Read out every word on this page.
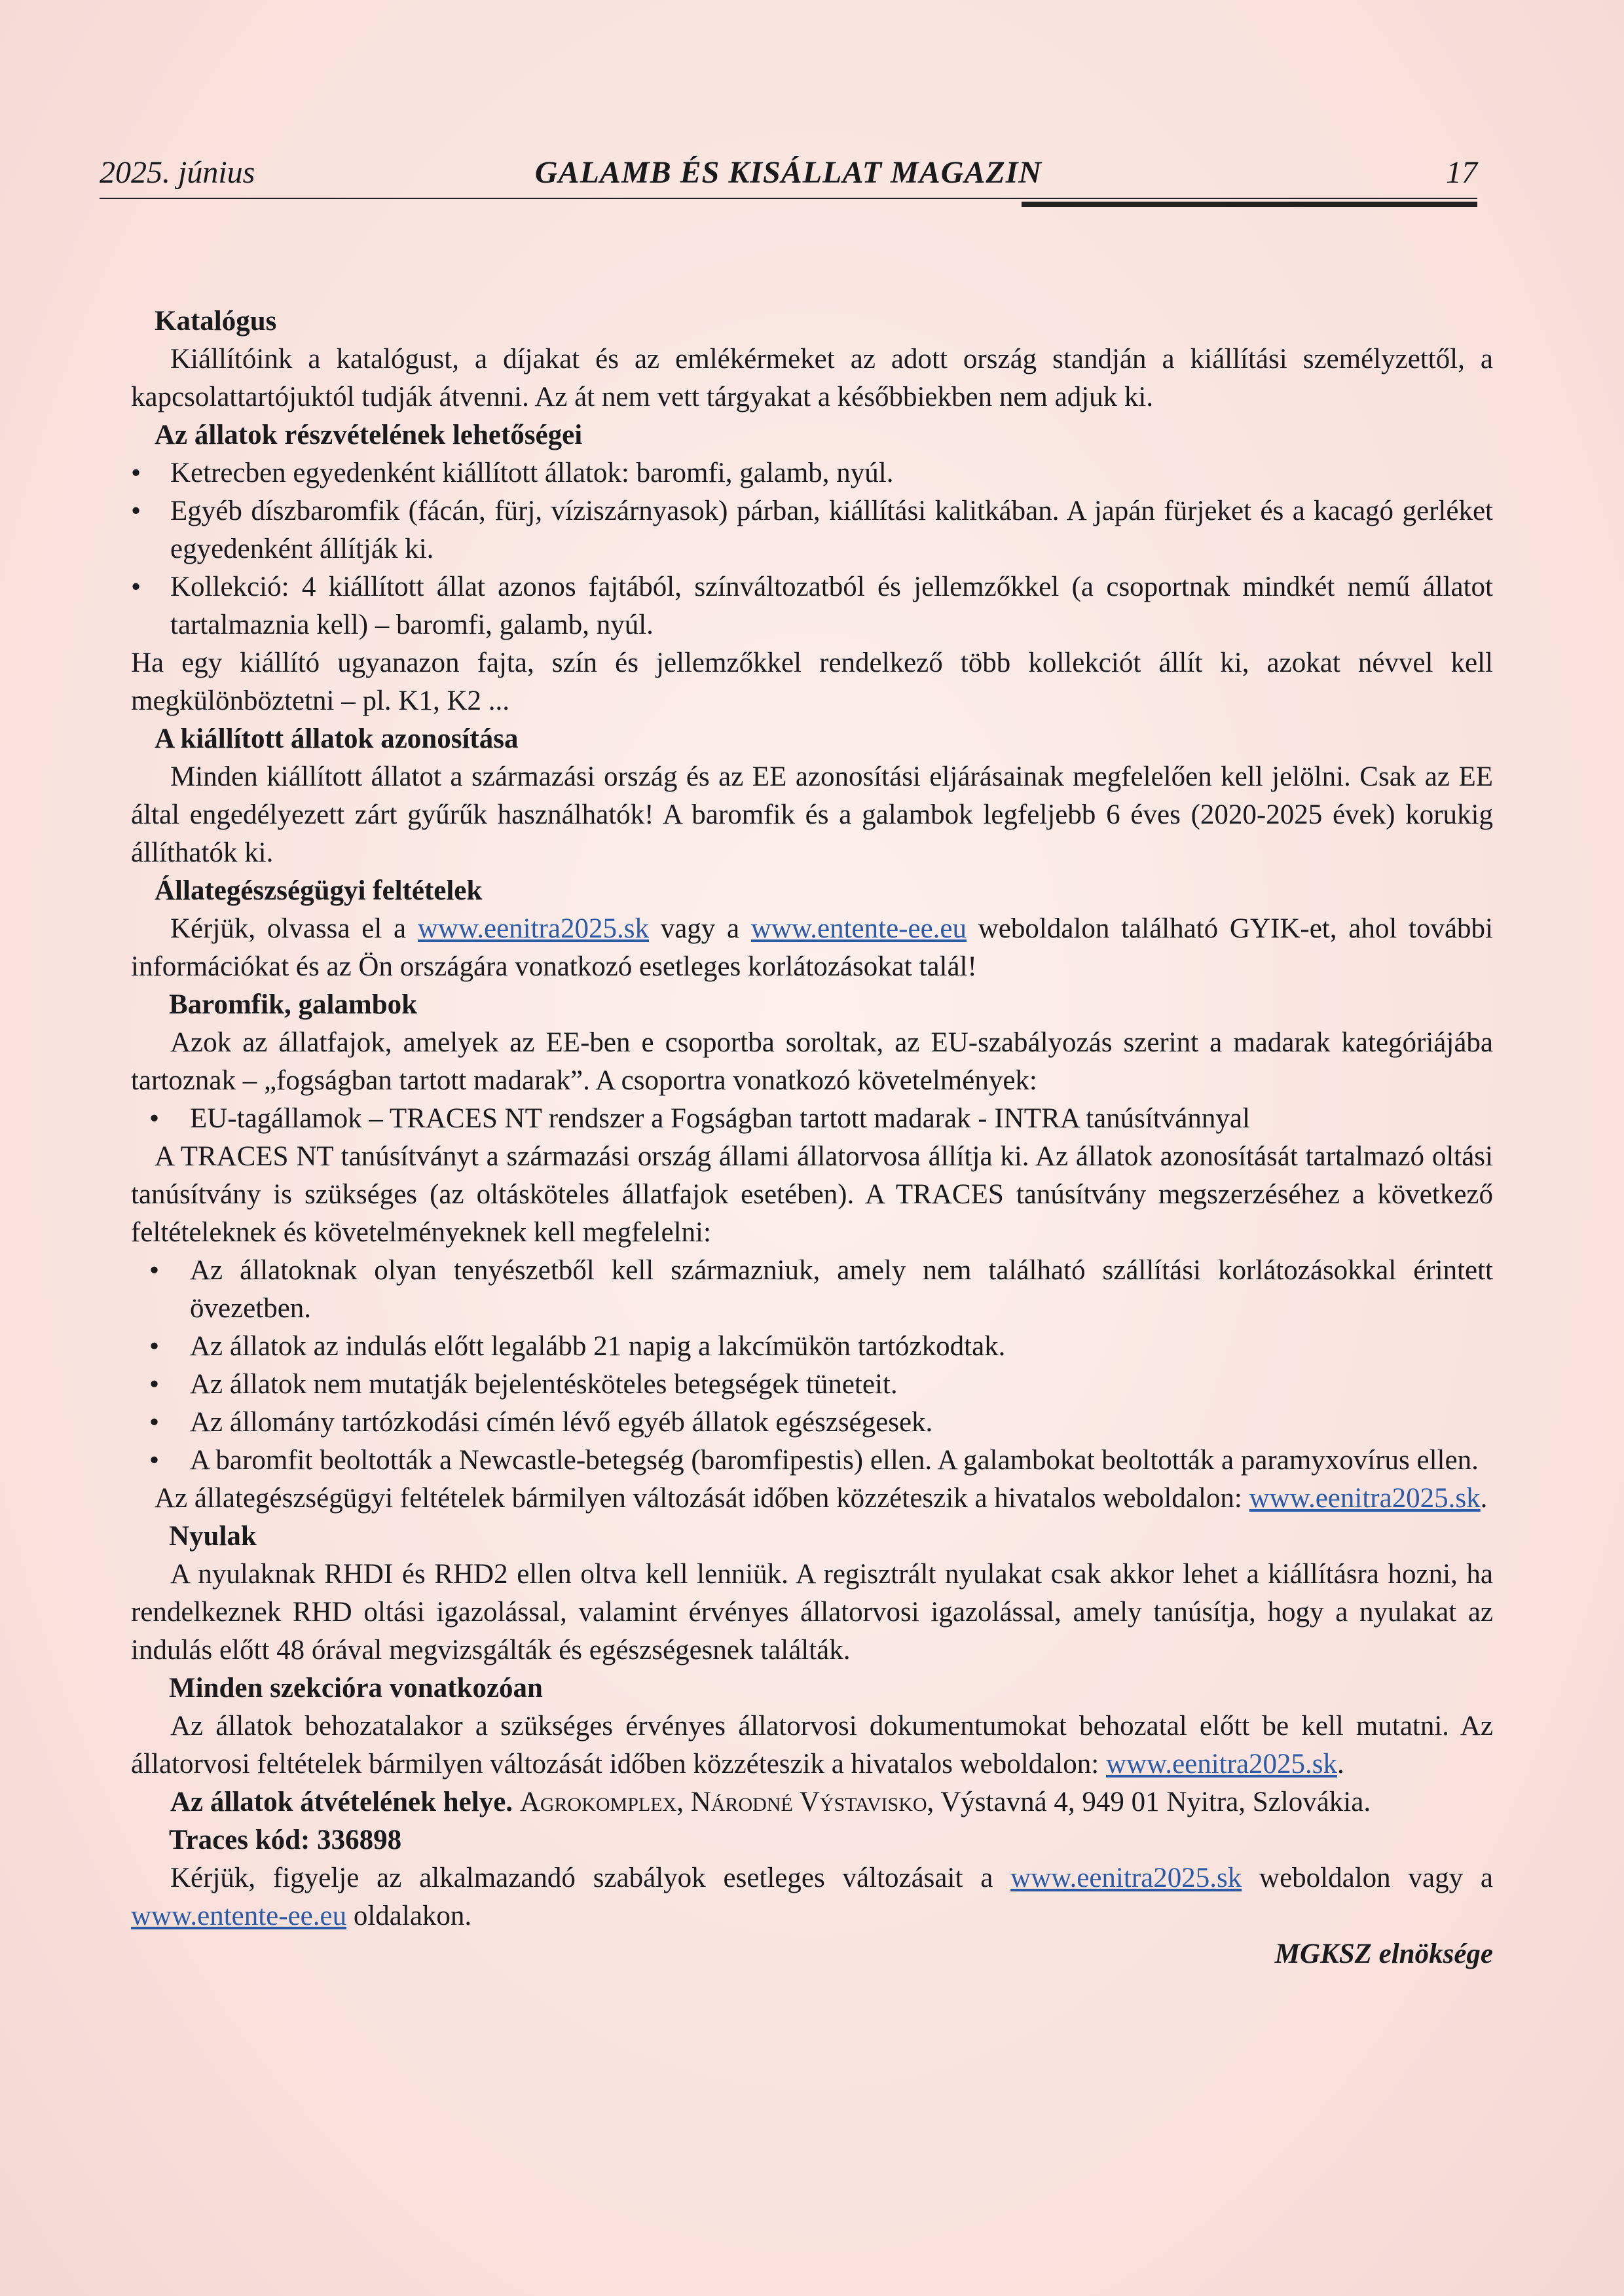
2025. június	GALAMB ÉS KISÁLLAT MAGAZIN	17

Katalógus

Kiállítóink a katalógust, a díjakat és az emlékérmeket az adott ország standján a kiállítási személyzettől, a kapcsolattartójuktól tudják átvenni. Az át nem vett tárgyakat a későbbiekben nem adjuk ki.

Az állatok részvételének lehetőségei

• Ketrecben egyedenként kiállított állatok: baromfi, galamb, nyúl.
• Egyéb díszbaromfik (fácán, fürj, víziszárnyasok) párban, kiállítási kalitkában. A japán fürjeket és a kacagó gerléket egyedenként állítják ki.
• Kollekció: 4 kiállított állat azonos fajtából, színváltozatból és jellemzőkkel (a csoportnak mindkét nemű állatot tartalmaznia kell) – baromfi, galamb, nyúl.

Ha egy kiállító ugyanazon fajta, szín és jellemzőkkel rendelkező több kollekciót állít ki, azokat névvel kell megkülönböztetni – pl. K1, K2 ...

A kiállított állatok azonosítása

Minden kiállított állatot a származási ország és az EE azonosítási eljárásainak megfelelően kell jelölni. Csak az EE által engedélyezett zárt gyűrűk használhatók! A baromfik és a galambok legfeljebb 6 éves (2020-2025 évek) korukig állíthatók ki.

Állategészségügyi feltételek

Kérjük, olvassa el a www.eenitra2025.sk vagy a www.entente-ee.eu weboldalon található GYIK-et, ahol további információkat és az Ön országára vonatkozó esetleges korlátozásokat talál!

Baromfik, galambok

Azok az állatfajok, amelyek az EE-ben e csoportba soroltak, az EU-szabályozás szerint a madarak kategóriájába tartoznak – „fogságban tartott madarak”. A csoportra vonatkozó követelmények:

• EU-tagállamok – TRACES NT rendszer a Fogságban tartott madarak - INTRA tanúsítvánnyal

A TRACES NT tanúsítványt a származási ország állami állatorvosa állítja ki. Az állatok azonosítását tartalmazó oltási tanúsítvány is szükséges (az oltásköteles állatfajok esetében). A TRACES tanúsítvány megszerzéséhez a következő feltételeknek és követelményeknek kell megfelelni:

• Az állatoknak olyan tenyészetből kell származniuk, amely nem található szállítási korlátozásokkal érintett övezetben.
• Az állatok az indulás előtt legalább 21 napig a lakcímükön tartózkodtak.
• Az állatok nem mutatják bejelentésköteles betegségek tüneteit.
• Az állomány tartózkodási címén lévő egyéb állatok egészségesek.
• A baromfit beoltották a Newcastle-betegség (baromfipestis) ellen. A galambokat beoltották a paramyxovírus ellen.

Az állategészségügyi feltételek bármilyen változását időben közzéteszik a hivatalos weboldalon: www.eenitra2025.sk.

Nyulak

A nyulaknak RHDI és RHD2 ellen oltva kell lenniük. A regisztrált nyulakat csak akkor lehet a kiállításra hozni, ha rendelkeznek RHD oltási igazolással, valamint érvényes állatorvosi igazolással, amely tanúsítja, hogy a nyulakat az indulás előtt 48 órával megvizsgálták és egészségesnek találták.

Minden szekcióra vonatkozóan

Az állatok behozatalakor a szükséges érvényes állatorvosi dokumentumokat behozatal előtt be kell mutatni. Az állatorvosi feltételek bármilyen változását időben közzéteszik a hivatalos weboldalon: www.eenitra2025.sk.

Az állatok átvételének helye. Agrokomplex, Národné Výstavisko, Výstavná 4, 949 01 Nyitra, Szlovákia.

Traces kód: 336898

Kérjük, figyelje az alkalmazandó szabályok esetleges változásait a www.eenitra2025.sk weboldalon vagy a www.entente-ee.eu oldalakon.

MGKSZ elnöksége
